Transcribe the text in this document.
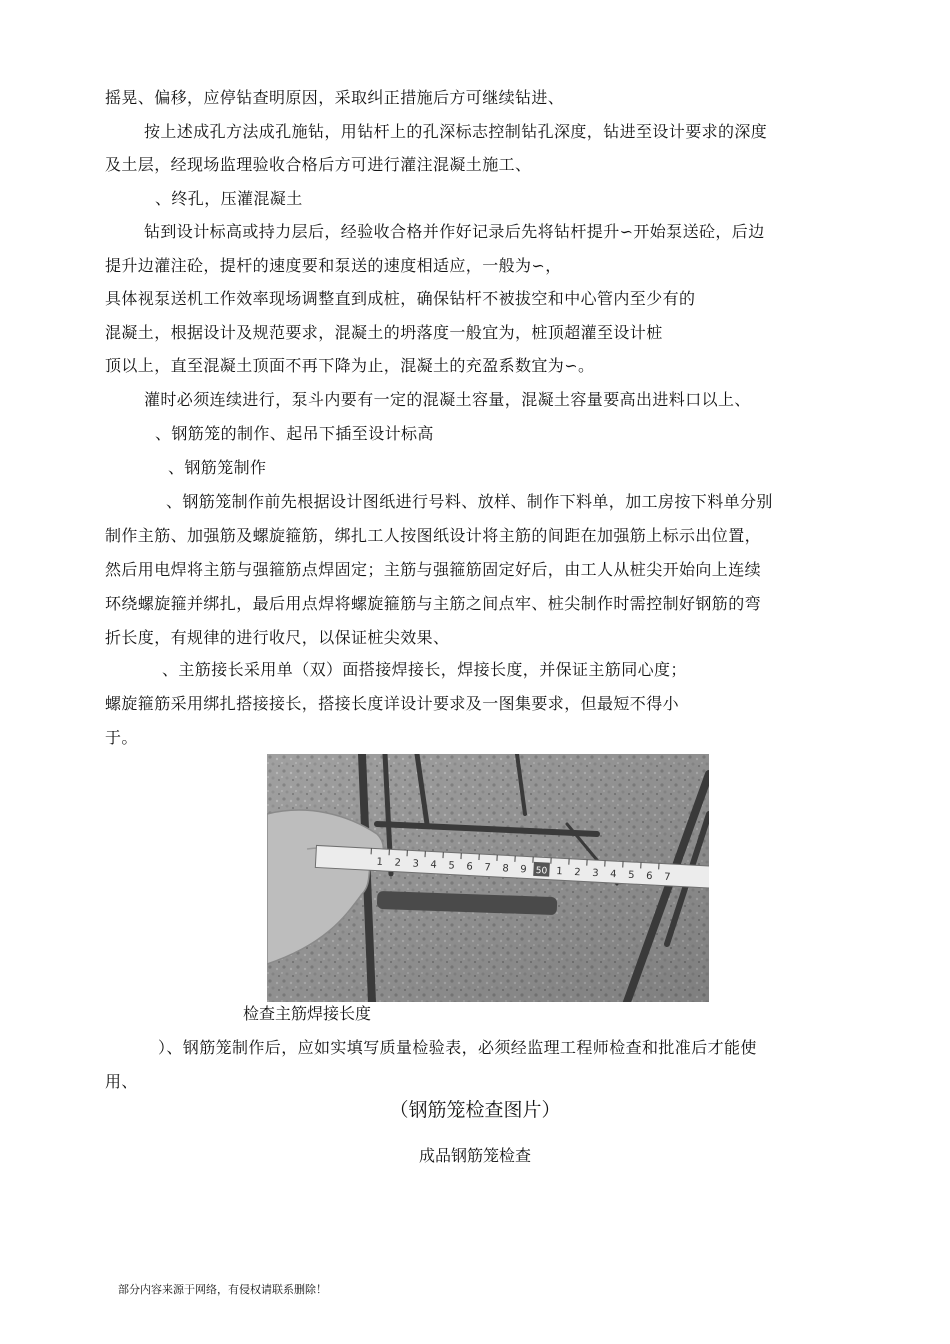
摇晃、偏移，应停钻查明原因，采取纠正措施后方可继续钻进、
按上述成孔方法成孔施钻，用钻杆上的孔深标志控制钻孔深度，钻进至设计要求的深度
及土层，经现场监理验收合格后方可进行灌注混凝土施工、
、终孔，压灌混凝土
钻到设计标高或持力层后，经验收合格并作好记录后先将钻杆提升∽开始泵送砼，后边
提升边灌注砼，提杆的速度要和泵送的速度相适应，一般为∽，
具体视泵送机工作效率现场调整直到成桩，确保钻杆不被拔空和中心管内至少有的
混凝土，根据设计及规范要求，混凝土的坍落度一般宜为，桩顶超灌至设计桩
顶以上，直至混凝土顶面不再下降为止，混凝土的充盈系数宜为∽。
灌时必须连续进行，泵斗内要有一定的混凝土容量，混凝土容量要高出进料口以上、
、钢筋笼的制作、起吊下插至设计标高
、钢筋笼制作
、钢筋笼制作前先根据设计图纸进行号料、放样、制作下料单，加工房按下料单分别
制作主筋、加强筋及螺旋箍筋，绑扎工人按图纸设计将主筋的间距在加强筋上标示出位置，
然后用电焊将主筋与强箍筋点焊固定；主筋与强箍筋固定好后，由工人从桩尖开始向上连续
环绕螺旋箍并绑扎，最后用点焊将螺旋箍筋与主筋之间点牢、桩尖制作时需控制好钢筋的弯
折长度，有规律的进行收尺，以保证桩尖效果、
、主筋接长采用单（双）面搭接焊接长，焊接长度，并保证主筋同心度；
螺旋箍筋采用绑扎搭接接长，搭接长度详设计要求及一图集要求，但最短不得小
于。
1 2 3 4 5 6 7 8 9 50 1 2 3 4 5 6 7
检查主筋焊接长度
）、钢筋笼制作后，应如实填写质量检验表，必须经监理工程师检查和批准后才能使
用、
（钢筋笼检查图片）
成品钢筋笼检查
部分内容来源于网络，有侵权请联系删除！
